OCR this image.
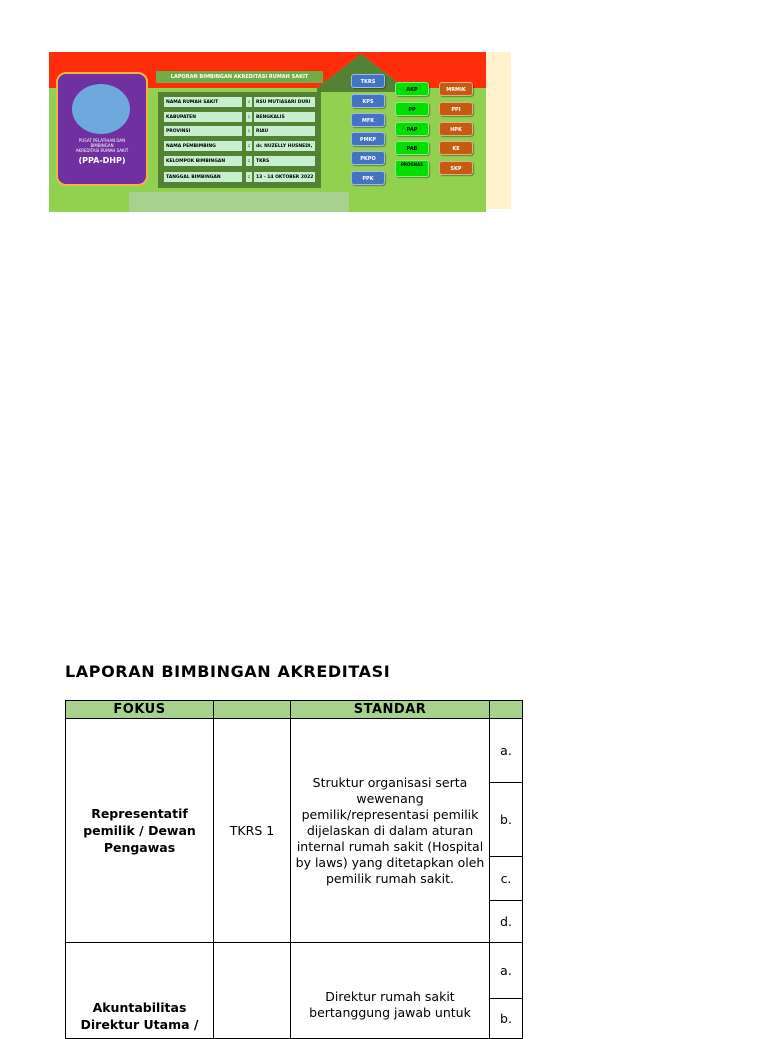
PUSAT PELATIHAN DAN
BIMBINGAN
AKREDITASI RUMAH SAKIT
(PPA-DHP)
LAPORAN BIMBINGAN AKREDITASI RUMAH SAKIT
NAMA RUMAH SAKIT	:	RSU MUTIASARI DURI
KABUPATEN	:	BENGKALIS
PROVINSI	:	RIAU
NAMA PEMBIMBING	:	dr. NUZELLY HUSNEDI,
KELOMPOK BIMBINGAN	:	TKRS
TANGGAL BIMBINGAN	:	13 - 14 OKTOBER 2022
TKRS
KPS
MFK
PMKP
PKPO
PPK
AKP
PP
PAP
PAB
PROGNAS
MRMIK
PPI
HPK
KE
SKP
LAPORAN BIMBINGAN AKREDITASI
FOKUS		STANDAR	
Representatif pemilik / Dewan Pengawas	TKRS 1	Struktur organisasi serta wewenang pemilik/representasi pemilik dijelaskan di dalam aturan internal rumah sakit (Hospital by laws) yang ditetapkan oleh pemilik rumah sakit.	a.
			b.
			c.
			d.
Akuntabilitas Direktur Utama /		Direktur rumah sakit bertanggung jawab untuk	a.
			b.
